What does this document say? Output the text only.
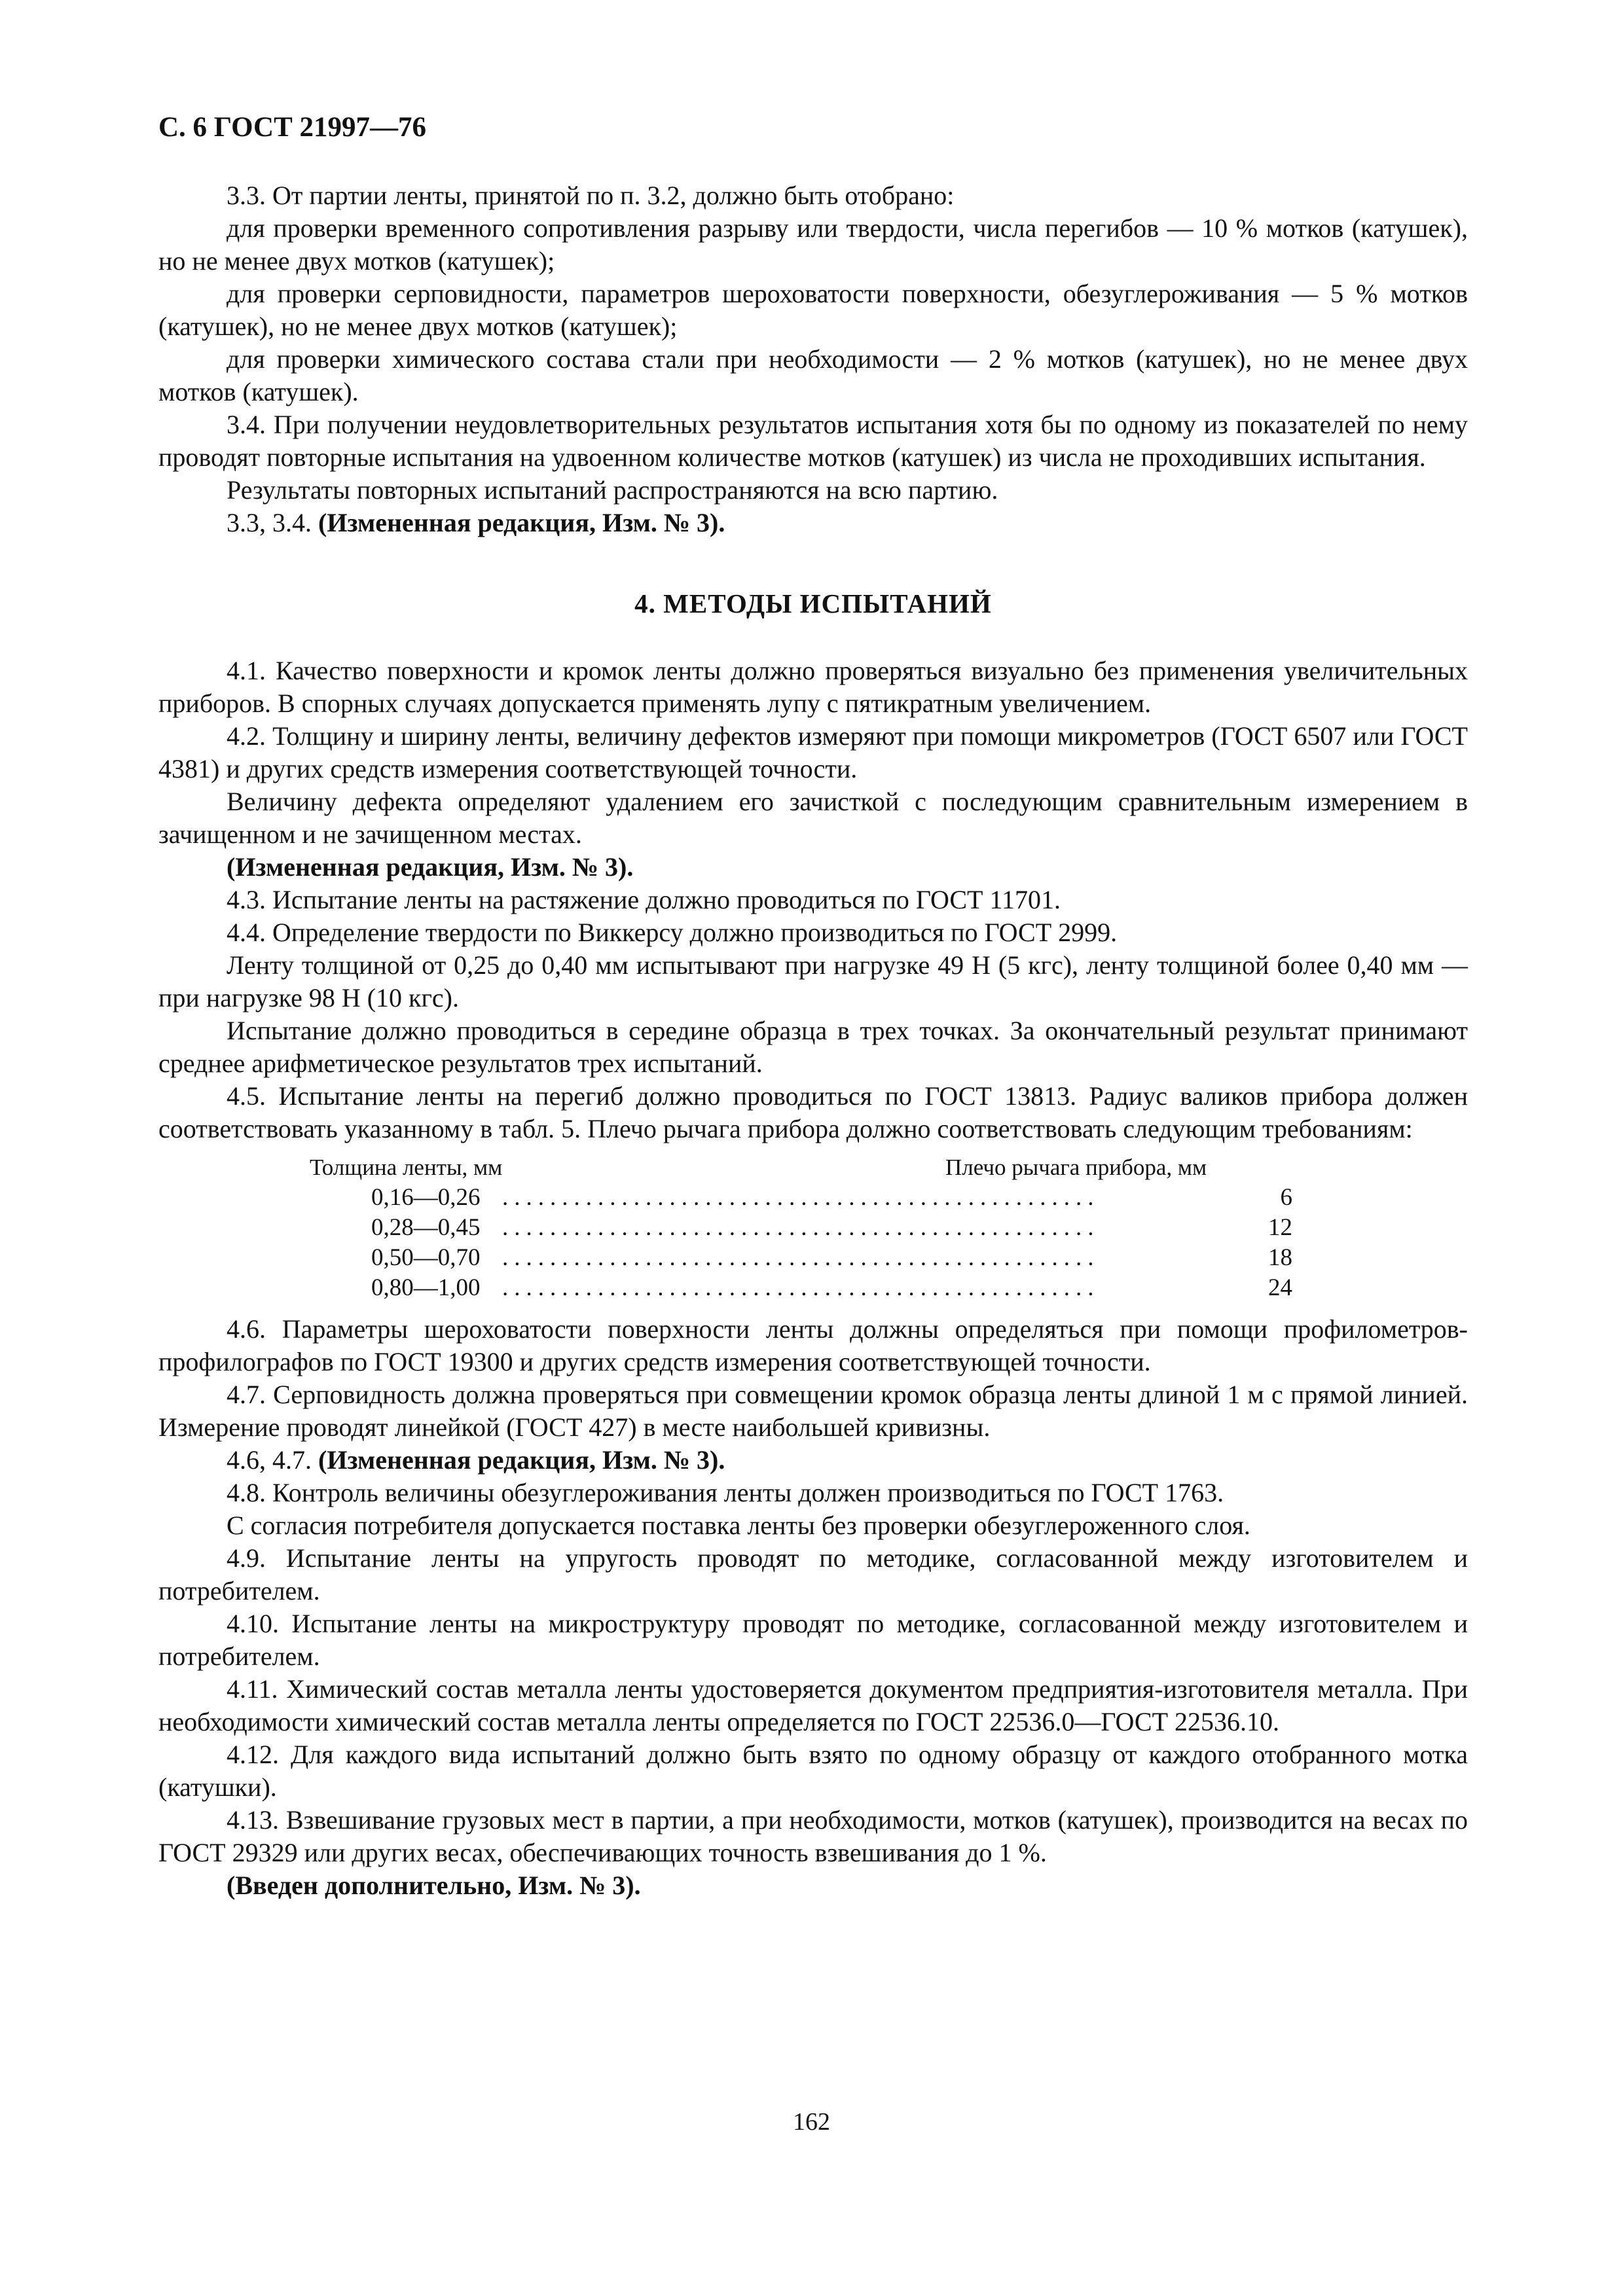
С. 6 ГОСТ 21997—76

3.3. От партии ленты, принятой по п. 3.2, должно быть отобрано:

для проверки временного сопротивления разрыву или твердости, числа перегибов — 10 % мотков (катушек), но не менее двух мотков (катушек);

для проверки серповидности, параметров шероховатости поверхности, обезуглероживания — 5 % мотков (катушек), но не менее двух мотков (катушек);

для проверки химического состава стали при необходимости — 2 % мотков (катушек), но не менее двух мотков (катушек).

3.4. При получении неудовлетворительных результатов испытания хотя бы по одному из показателей по нему проводят повторные испытания на удвоенном количестве мотков (катушек) из числа не проходивших испытания.

Результаты повторных испытаний распространяются на всю партию.

3.3, 3.4. (Измененная редакция, Изм. № 3).

4. МЕТОДЫ ИСПЫТАНИЙ

4.1. Качество поверхности и кромок ленты должно проверяться визуально без применения увеличительных приборов. В спорных случаях допускается применять лупу с пятикратным увеличением.

4.2. Толщину и ширину ленты, величину дефектов измеряют при помощи микрометров (ГОСТ 6507 или ГОСТ 4381) и других средств измерения соответствующей точности.

Величину дефекта определяют удалением его зачисткой с последующим сравнительным измерением в зачищенном и не зачищенном местах.

(Измененная редакция, Изм. № 3).

4.3. Испытание ленты на растяжение должно проводиться по ГОСТ 11701.

4.4. Определение твердости по Виккерсу должно производиться по ГОСТ 2999.

Ленту толщиной от 0,25 до 0,40 мм испытывают при нагрузке 49 Н (5 кгс), ленту толщиной более 0,40 мм — при нагрузке 98 Н (10 кгс).

Испытание должно проводиться в середине образца в трех точках. За окончательный результат принимают среднее арифметическое результатов трех испытаний.

4.5. Испытание ленты на перегиб должно проводиться по ГОСТ 13813. Радиус валиков прибора должен соответствовать указанному в табл. 5. Плечо рычага прибора должно соответствовать следующим требованиям:

Толщина ленты, мм	Плечо рычага прибора, мм
0,16—0,26 ..................................................	6
0,28—0,45 ..................................................	12
0,50—0,70 ..................................................	18
0,80—1,00 ..................................................	24

4.6. Параметры шероховатости поверхности ленты должны определяться при помощи профилометров-профилографов по ГОСТ 19300 и других средств измерения соответствующей точности.

4.7. Серповидность должна проверяться при совмещении кромок образца ленты длиной 1 м с прямой линией. Измерение проводят линейкой (ГОСТ 427) в месте наибольшей кривизны.

4.6, 4.7. (Измененная редакция, Изм. № 3).

4.8. Контроль величины обезуглероживания ленты должен производиться по ГОСТ 1763.

С согласия потребителя допускается поставка ленты без проверки обезуглероженного слоя.

4.9. Испытание ленты на упругость проводят по методике, согласованной между изготовителем и потребителем.

4.10. Испытание ленты на микроструктуру проводят по методике, согласованной между изготовителем и потребителем.

4.11. Химический состав металла ленты удостоверяется документом предприятия-изготовителя металла. При необходимости химический состав металла ленты определяется по ГОСТ 22536.0—ГОСТ 22536.10.

4.12. Для каждого вида испытаний должно быть взято по одному образцу от каждого отобранного мотка (катушки).

4.13. Взвешивание грузовых мест в партии, а при необходимости, мотков (катушек), производится на весах по ГОСТ 29329 или других весах, обеспечивающих точность взвешивания до 1 %.

(Введен дополнительно, Изм. № 3).

162
